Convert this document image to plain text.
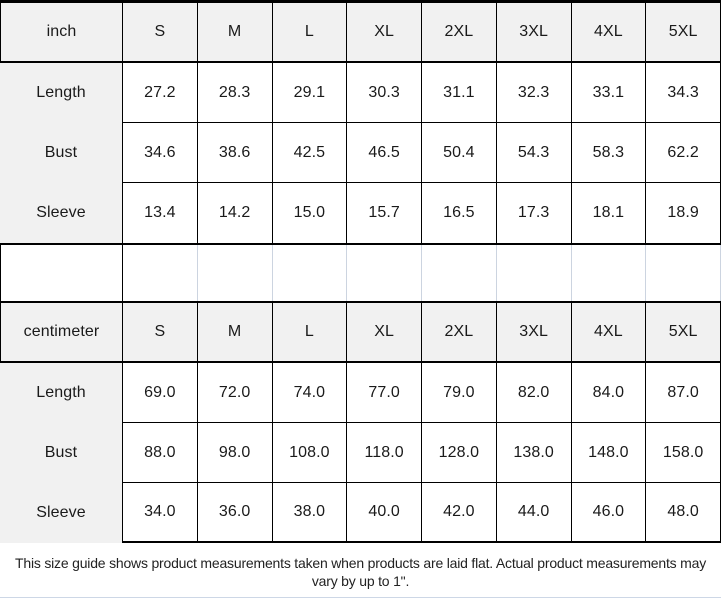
inch	S	M	L	XL	2XL	3XL	4XL	5XL
Length	27.2	28.3	29.1	30.3	31.1	32.3	33.1	34.3
Bust	34.6	38.6	42.5	46.5	50.4	54.3	58.3	62.2
Sleeve	13.4	14.2	15.0	15.7	16.5	17.3	18.1	18.9
centimeter	S	M	L	XL	2XL	3XL	4XL	5XL
Length	69.0	72.0	74.0	77.0	79.0	82.0	84.0	87.0
Bust	88.0	98.0	108.0	118.0	128.0	138.0	148.0	158.0
Sleeve	34.0	36.0	38.0	40.0	42.0	44.0	46.0	48.0
This size guide shows product measurements taken when products are laid flat. Actual product measurements may vary by up to 1".
